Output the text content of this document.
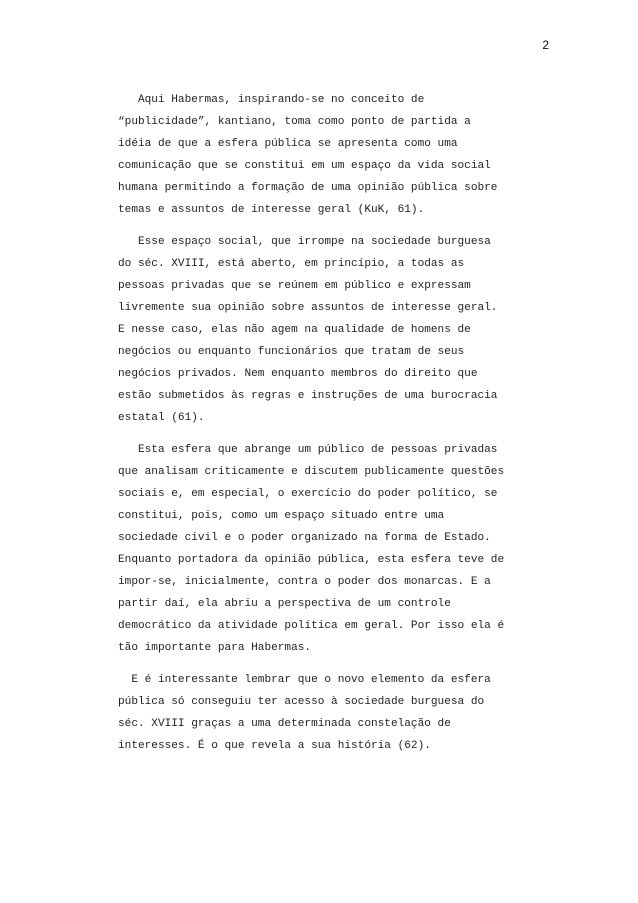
2
Aqui Habermas, inspirando-se no conceito de
“publicidade”, kantiano, toma como ponto de partida a
idéia de que a esfera pública se apresenta como uma
comunicação que se constitui em um espaço da vida social
humana permitindo a formação de uma opinião pública sobre
temas e assuntos de interesse geral (KuK, 61).
Esse espaço social, que irrompe na sociedade burguesa
do séc. XVIII, está aberto, em princípio, a todas as
pessoas privadas que se reúnem em público e expressam
livremente sua opinião sobre assuntos de interesse geral.
E nesse caso, elas não agem na qualidade de homens de
negócios ou enquanto funcionários que tratam de seus
negócios privados. Nem enquanto membros do direito que
estão submetidos às regras e instruções de uma burocracia
estatal (61).
Esta esfera que abrange um público de pessoas privadas
que analisam criticamente e discutem publicamente questões
sociais e, em especial, o exercício do poder político, se
constitui, pois, como um espaço situado entre uma
sociedade civil e o poder organizado na forma de Estado.
Enquanto portadora da opinião pública, esta esfera teve de
impor-se, inicialmente, contra o poder dos monarcas. E a
partir daí, ela abriu a perspectiva de um controle
democrático da atividade política em geral. Por isso ela é
tão importante para Habermas.
E é interessante lembrar que o novo elemento da esfera
pública só conseguiu ter acesso à sociedade burguesa do
séc. XVIII graças a uma determinada constelação de
interesses. É o que revela a sua história (62).
